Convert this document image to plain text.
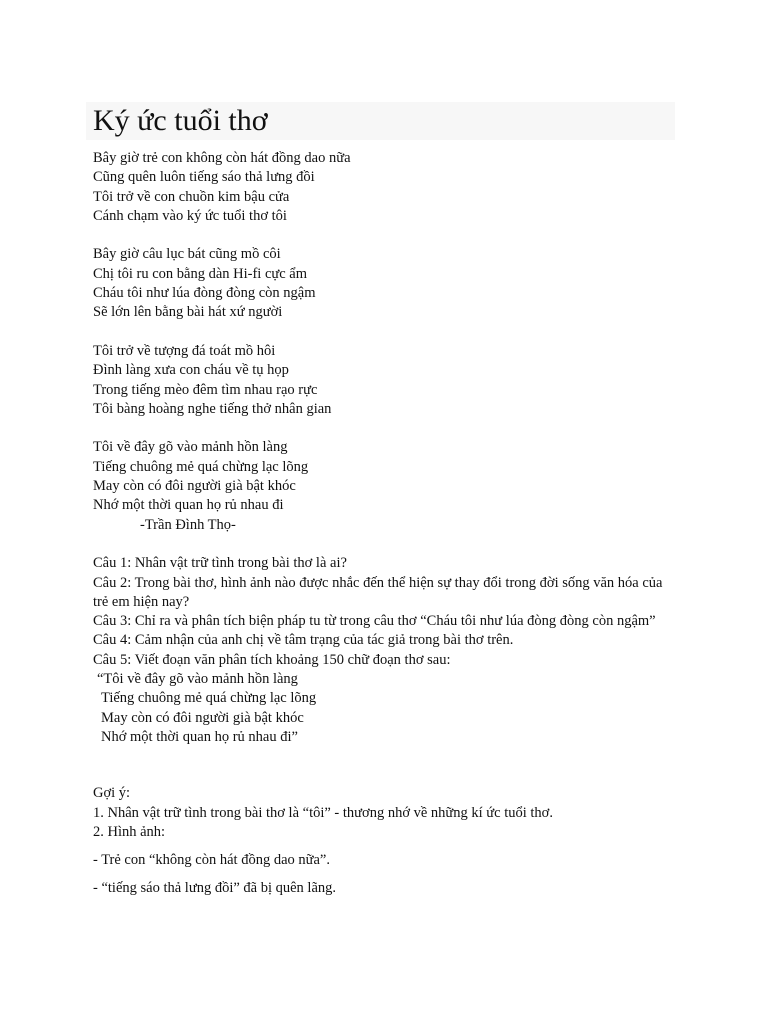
Ký ức tuổi thơ
Bây giờ trẻ con không còn hát đồng dao nữa
Cũng quên luôn tiếng sáo thả lưng đồi
Tôi trở về con chuồn kim bậu cửa
Cánh chạm vào ký ức tuổi thơ tôi
Bây giờ câu lục bát cũng mồ côi
Chị tôi ru con bằng dàn Hi-fi cực ẩm
Cháu tôi như lúa đòng đòng còn ngậm
Sẽ lớn lên bằng bài hát xứ người
Tôi trở về tượng đá toát mồ hôi
Đình làng xưa con cháu về tụ họp
Trong tiếng mèo đêm tìm nhau rạo rực
Tôi bàng hoàng nghe tiếng thở nhân gian
Tôi về đây gõ vào mảnh hồn làng
Tiếng chuông mẻ quá chừng lạc lõng
May còn có đôi người già bật khóc
Nhớ một thời quan họ rủ nhau đi
-Trần Đình Thọ-
Câu 1: Nhân vật trữ tình trong bài thơ là ai?
Câu 2: Trong bài thơ, hình ảnh nào được nhắc đến thể hiện sự thay đổi trong đời sống văn hóa của trẻ em hiện nay?
Câu 3: Chỉ ra và phân tích biện pháp tu từ trong câu thơ “Cháu tôi như lúa đòng đòng còn ngậm”
Câu 4: Cảm nhận của anh chị về tâm trạng của tác giả trong bài thơ trên.
Câu 5: Viết đoạn văn phân tích khoảng 150 chữ đoạn thơ sau:
“Tôi về đây gõ vào mảnh hồn làng
Tiếng chuông mẻ quá chừng lạc lõng
May còn có đôi người già bật khóc
Nhớ một thời quan họ rủ nhau đi”
Gợi ý:
1. Nhân vật trữ tình trong bài thơ là “tôi” - thương nhớ về những kí ức tuổi thơ.
2. Hình ảnh:
- Trẻ con “không còn hát đồng dao nữa”.
- “tiếng sáo thả lưng đồi” đã bị quên lãng.
